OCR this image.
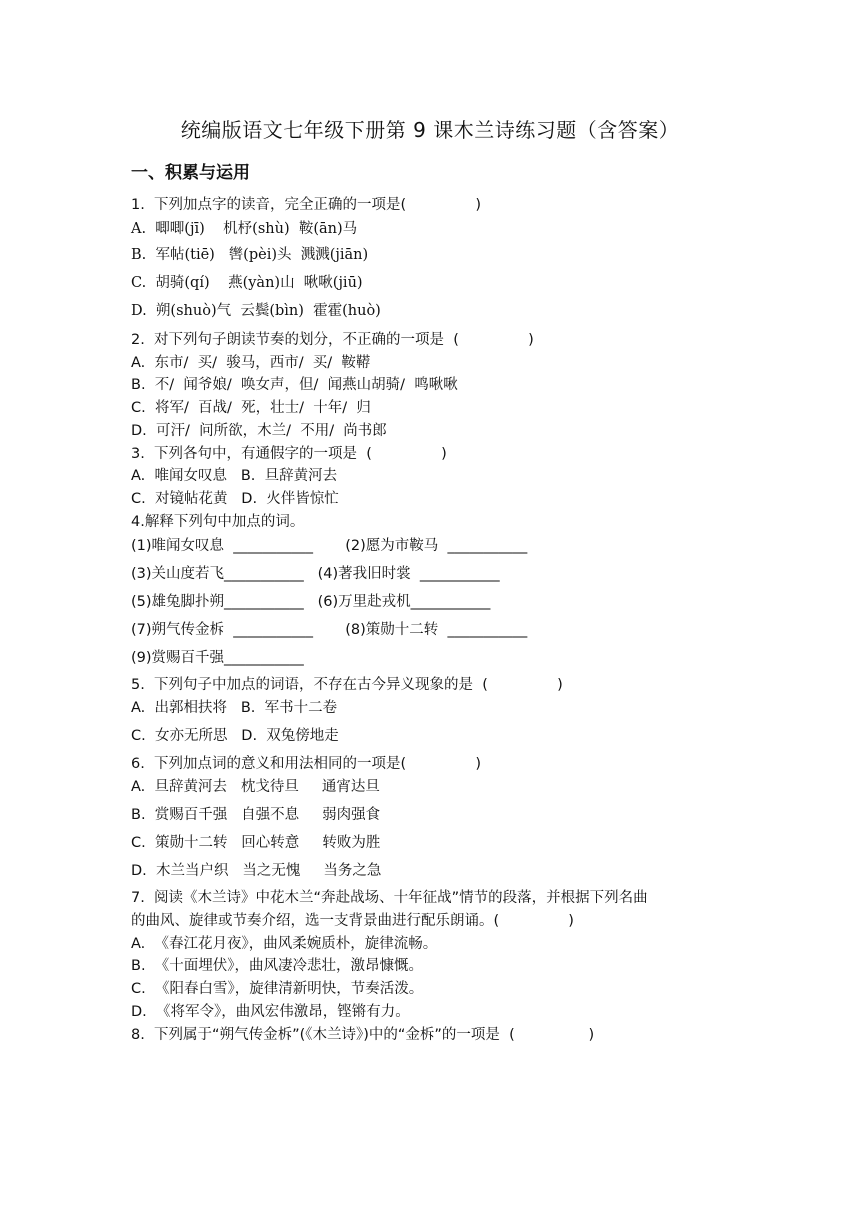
统编版语文七年级下册第 9 课木兰诗练习题（含答案）
一、积累与运用
1.  下列加点字的读音，完全正确的一项是(               )
A.  唧唧(jī)    机杼(shù)  鞍(ān)马
B.  军帖(tiē)   辔(pèi)头  溅溅(jiān)
C.  胡骑(qí)    燕(yàn)山  啾啾(jiū)
D.  朔(shuò)气  云鬓(bìn)  霍霍(huò)
2.  对下列句子朗读节奏的划分，不正确的一项是  (               )
A.  东市/  买/  骏马，西市/  买/  鞍鞯
B.  不/  闻爷娘/  唤女声，但/  闻燕山胡骑/  鸣啾啾
C.  将军/  百战/  死，壮士/  十年/  归
D.  可汗/  问所欲，木兰/  不用/  尚书郎
3.  下列各句中，有通假字的一项是  (               )
A.  唯闻女叹息   B.  旦辞黄河去
C.  对镜帖花黄   D.  火伴皆惊忙
4.解释下列句中加点的词。
(1)唯闻女叹息  ___________       (2)愿为市鞍马  ___________
(3)关山度若飞___________   (4)著我旧时裳  ___________
(5)雄兔脚扑朔___________   (6)万里赴戎机___________
(7)朔气传金柝  ___________       (8)策勋十二转  ___________
(9)赏赐百千强___________
5.  下列句子中加点的词语，不存在古今异义现象的是  (               )
A.  出郭相扶将   B.  军书十二卷
C.  女亦无所思   D.  双兔傍地走
6.  下列加点词的意义和用法相同的一项是(               )
A.  旦辞黄河去   枕戈待旦     通宵达旦
B.  赏赐百千强   自强不息     弱肉强食
C.  策勋十二转   回心转意     转败为胜
D.  木兰当户织   当之无愧     当务之急
7.  阅读《木兰诗》中花木兰“奔赴战场、十年征战”情节的段落，并根据下列名曲
的曲风、旋律或节奏介绍，选一支背景曲进行配乐朗诵。(               )
A.  《春江花月夜》，曲风柔婉质朴，旋律流畅。
B.  《十面埋伏》，曲风凄冷悲壮，激昂慷慨。
C.  《阳春白雪》，旋律清新明快，节奏活泼。
D.  《将军令》，曲风宏伟激昂，铿锵有力。
8.  下列属于“朔气传金柝”(《木兰诗》)中的“金柝”的一项是  (                )
